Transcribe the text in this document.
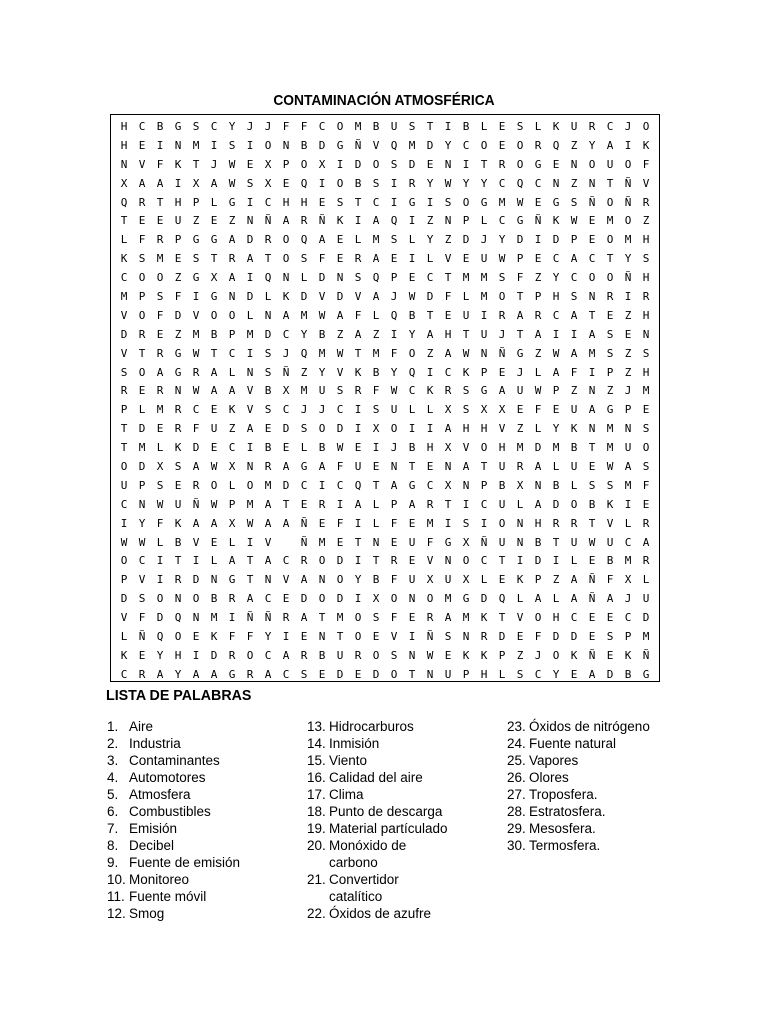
CONTAMINACIÓN ATMOSFÉRICA
H	C	B	G	S	C	Y	J	J	F	F	C	O	M	B	U	S	T	I	B	L	E	S	L	K	U	R	C	J	O
H	E	I	N	M	I	S	I	O	N	B	D	G	Ñ	V	Q	M	D	Y	C	O	E	O	R	Q	Z	Y	A	I	K
N	V	F	K	T	J	W	E	X	P	O	X	I	D	O	S	D	E	N	I	T	R	O	G	E	N	O	U	O	F
X	A	A	I	X	A	W	S	X	E	Q	I	O	B	S	I	R	Y	W	Y	Y	C	Q	C	N	Z	N	T	Ñ	V
Q	R	T	H	P	L	G	I	C	H	H	E	S	T	C	I	G	I	S	O	G	M	W	E	G	S	Ñ	O	Ñ	R
T	E	E	U	Z	E	Z	N	Ñ	A	R	Ñ	K	I	A	Q	I	Z	N	P	L	C	G	Ñ	K	W	E	M	O	Z
L	F	R	P	G	G	A	D	R	O	Q	A	E	L	M	S	L	Y	Z	D	J	Y	D	I	D	P	E	O	M	H
K	S	M	E	S	T	R	A	T	O	S	F	E	R	A	E	I	L	V	E	U	W	P	E	C	A	C	T	Y	S
C	O	O	Z	G	X	A	I	Q	N	L	D	N	S	Q	P	E	C	T	M	M	S	F	Z	Y	C	O	O	Ñ	H
M	P	S	F	I	G	N	D	L	K	D	V	D	V	A	J	W	D	F	L	M	O	T	P	H	S	N	R	I	R
V	O	F	D	V	O	O	L	N	A	M	W	A	F	L	Q	B	T	E	U	I	R	A	R	C	A	T	E	Z	H
D	R	E	Z	M	B	P	M	D	C	Y	B	Z	A	Z	I	Y	A	H	T	U	J	T	A	I	I	A	S	E	N
V	T	R	G	W	T	C	I	S	J	Q	M	W	T	M	F	O	Z	A	W	N	Ñ	G	Z	W	A	M	S	Z	S
S	O	A	G	R	A	L	N	S	Ñ	Z	Y	V	K	B	Y	Q	I	C	K	P	E	J	L	A	F	I	P	Z	H
R	E	R	N	W	A	A	V	B	X	M	U	S	R	F	W	C	K	R	S	G	A	U	W	P	Z	N	Z	J	M
P	L	M	R	C	E	K	V	S	C	J	J	C	I	S	U	L	L	X	S	X	X	E	F	E	U	A	G	P	E
T	D	E	R	F	U	Z	A	E	D	S	O	D	I	X	O	I	I	A	H	H	V	Z	L	Y	K	N	M	N	S
T	M	L	K	D	E	C	I	B	E	L	B	W	E	I	J	B	H	X	V	O	H	M	D	M	B	T	M	U	O
O	D	X	S	A	W	X	N	R	A	G	A	F	U	E	N	T	E	N	A	T	U	R	A	L	U	E	W	A	S
U	P	S	E	R	O	L	O	M	D	C	I	C	Q	T	A	G	C	X	N	P	B	X	N	B	L	S	S	M	F
C	N	W	U	Ñ	W	P	M	A	T	E	R	I	A	L	P	A	R	T	I	C	U	L	A	D	O	B	K	I	E
I	Y	F	K	A	A	X	W	A	A	Ñ	E	F	I	L	F	E	M	I	S	I	O	N	H	R	R	T	V	L	R
W	W	L	B	V	E	L	I	V	Ñ	M	E	T	N	E	U	F	G	X	Ñ	U	N	B	T	U	W	U	C	A
O	C	I	T	I	L	A	T	A	C	R	O	D	I	T	R	E	V	N	O	C	T	I	D	I	L	E	B	M	R
P	V	I	R	D	N	G	T	N	V	A	N	O	Y	B	F	U	X	U	X	L	E	K	P	Z	A	Ñ	F	X	L
D	S	O	N	O	B	R	A	C	E	D	O	D	I	X	O	N	O	M	G	D	Q	L	A	L	A	Ñ	A	J	U
V	F	D	Q	N	M	I	Ñ	Ñ	R	A	T	M	O	S	F	E	R	A	M	K	T	V	O	H	C	E	E	C	D
L	Ñ	Q	O	E	K	F	F	Y	I	E	N	T	O	E	V	I	Ñ	S	N	R	D	E	F	D	D	E	S	P	M
K	E	Y	H	I	D	R	O	C	A	R	B	U	R	O	S	N	W	E	K	K	P	Z	J	O	K	Ñ	E	K	Ñ
C	R	A	Y	A	A	G	R	A	C	S	E	D	E	D	O	T	N	U	P	H	L	S	C	Y	E	A	D	B	G
LISTA DE PALABRAS
1. Aire
2. Industria
3. Contaminantes
4. Automotores
5. Atmosfera
6. Combustibles
7. Emisión
8. Decibel
9. Fuente de emisión
10. Monitoreo
11. Fuente móvil
12. Smog
13. Hidrocarburos
14. Inmisión
15. Viento
16. Calidad del aire
17. Clima
18. Punto de descarga
19. Material partículado
20. Monóxido de
carbono
21. Convertidor
catalítico
22. Óxidos de azufre
23. Óxidos de nitrógeno
24. Fuente natural
25. Vapores
26. Olores
27. Troposfera.
28. Estratosfera.
29. Mesosfera.
30. Termosfera.
